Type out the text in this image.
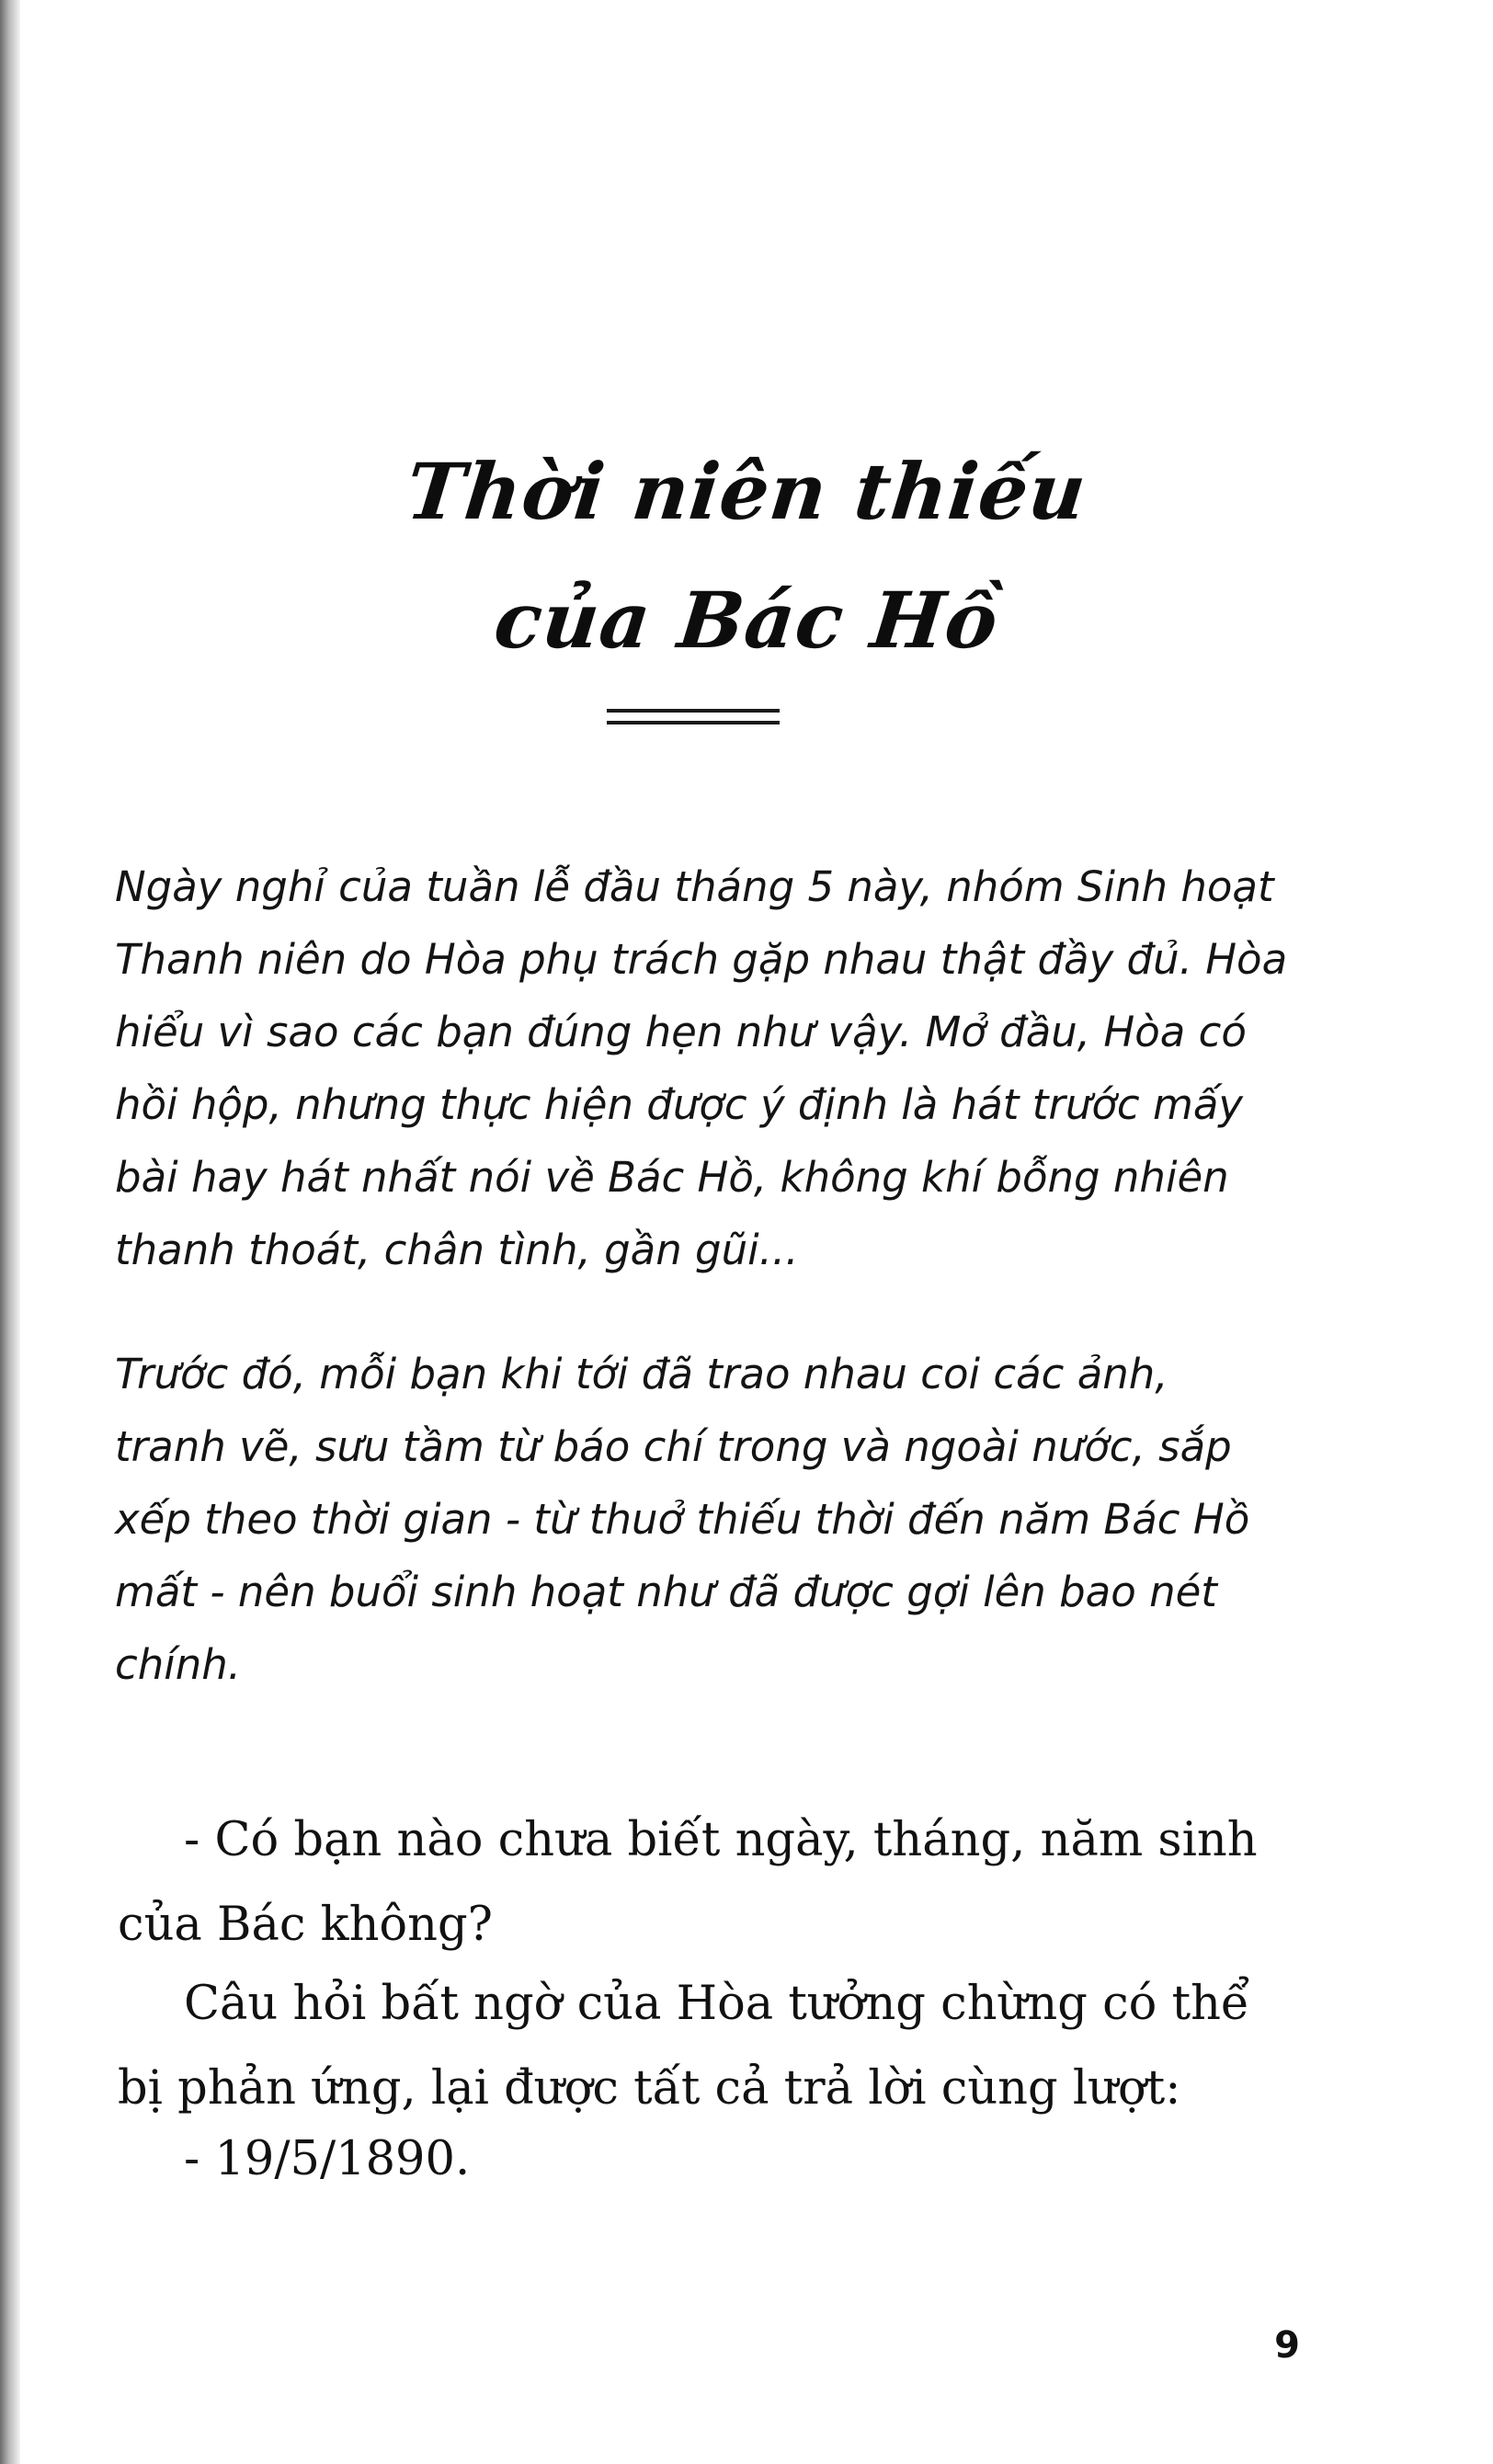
Thời niên thiếu
của Bác Hồ

Ngày nghỉ của tuần lễ đầu tháng 5 này, nhóm Sinh hoạt Thanh niên do Hòa phụ trách gặp nhau thật đầy đủ. Hòa hiểu vì sao các bạn đúng hẹn như vậy. Mở đầu, Hòa có hồi hộp, nhưng thực hiện được ý định là hát trước mấy bài hay hát nhất nói về Bác Hồ, không khí bỗng nhiên thanh thoát, chân tình, gần gũi...

Trước đó, mỗi bạn khi tới đã trao nhau coi các ảnh, tranh vẽ, sưu tầm từ báo chí trong và ngoài nước, sắp xếp theo thời gian - từ thuở thiếu thời đến năm Bác Hồ mất - nên buổi sinh hoạt như đã được gợi lên bao nét chính.

- Có bạn nào chưa biết ngày, tháng, năm sinh của Bác không?

Câu hỏi bất ngờ của Hòa tưởng chừng có thể bị phản ứng, lại được tất cả trả lời cùng lượt:

- 19/5/1890.

9
